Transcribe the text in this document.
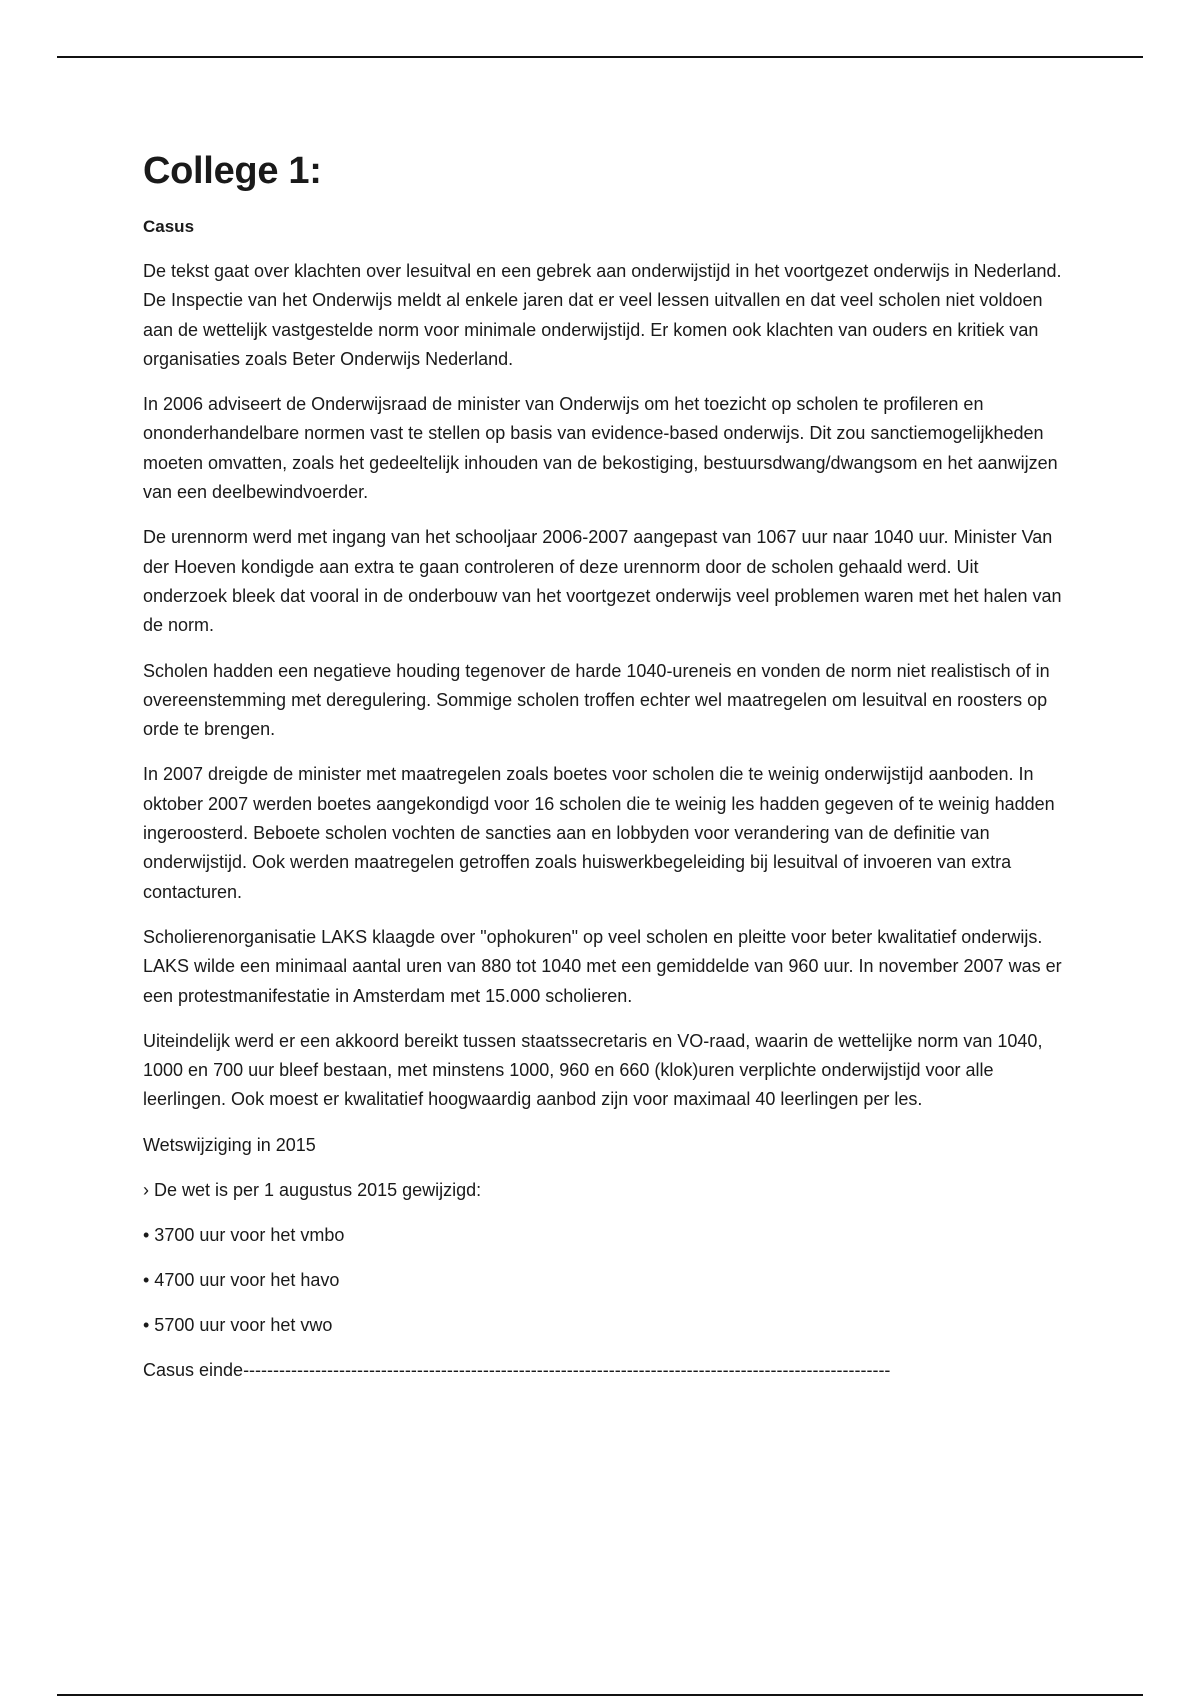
College 1:
Casus

De tekst gaat over klachten over lesuitval en een gebrek aan onderwijstijd in het voortgezet onderwijs in Nederland. De Inspectie van het Onderwijs meldt al enkele jaren dat er veel lessen uitvallen en dat veel scholen niet voldoen aan de wettelijk vastgestelde norm voor minimale onderwijstijd. Er komen ook klachten van ouders en kritiek van organisaties zoals Beter Onderwijs Nederland.

In 2006 adviseert de Onderwijsraad de minister van Onderwijs om het toezicht op scholen te profileren en ononderhandelbare normen vast te stellen op basis van evidence-based onderwijs. Dit zou sanctiemogelijkheden moeten omvatten, zoals het gedeeltelijk inhouden van de bekostiging, bestuursdwang/dwangsom en het aanwijzen van een deelbewindvoerder.

De urennorm werd met ingang van het schooljaar 2006-2007 aangepast van 1067 uur naar 1040 uur. Minister Van der Hoeven kondigde aan extra te gaan controleren of deze urennorm door de scholen gehaald werd. Uit onderzoek bleek dat vooral in de onderbouw van het voortgezet onderwijs veel problemen waren met het halen van de norm.

Scholen hadden een negatieve houding tegenover de harde 1040-ureneis en vonden de norm niet realistisch of in overeenstemming met deregulering. Sommige scholen troffen echter wel maatregelen om lesuitval en roosters op orde te brengen.

In 2007 dreigde de minister met maatregelen zoals boetes voor scholen die te weinig onderwijstijd aanboden. In oktober 2007 werden boetes aangekondigd voor 16 scholen die te weinig les hadden gegeven of te weinig hadden ingeroosterd. Beboete scholen vochten de sancties aan en lobbyden voor verandering van de definitie van onderwijstijd. Ook werden maatregelen getroffen zoals huiswerkbegeleiding bij lesuitval of invoeren van extra contacturen.

Scholierenorganisatie LAKS klaagde over "ophokuren" op veel scholen en pleitte voor beter kwalitatief onderwijs. LAKS wilde een minimaal aantal uren van 880 tot 1040 met een gemiddelde van 960 uur. In november 2007 was er een protestmanifestatie in Amsterdam met 15.000 scholieren.

Uiteindelijk werd er een akkoord bereikt tussen staatssecretaris en VO-raad, waarin de wettelijke norm van 1040, 1000 en 700 uur bleef bestaan, met minstens 1000, 960 en 660 (klok)uren verplichte onderwijstijd voor alle leerlingen. Ook moest er kwalitatief hoogwaardig aanbod zijn voor maximaal 40 leerlingen per les.

Wetswijziging in 2015

› De wet is per 1 augustus 2015 gewijzigd:

• 3700 uur voor het vmbo

• 4700 uur voor het havo

• 5700 uur voor het vwo

Casus einde------------------------------------------------------------------------------------------------------------
